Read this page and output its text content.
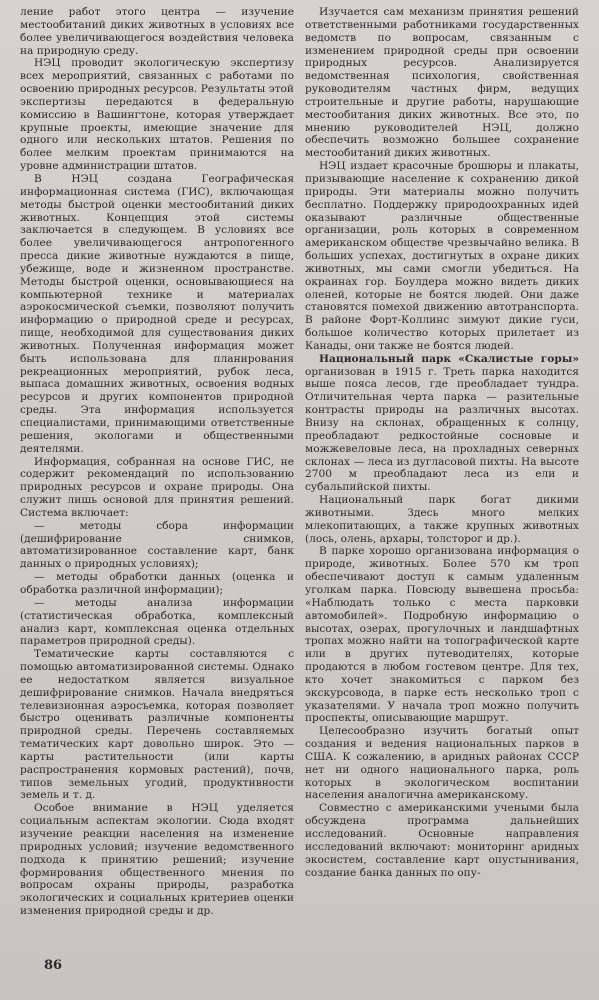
ление работ этого центра — изучение местообитаний диких животных в условиях все более увеличивающегося воздействия человека на природную среду.

НЭЦ проводит экологическую экспертизу всех мероприятий, связанных с работами по освоению природных ресурсов. Результаты этой экспертизы передаются в федеральную комиссию в Вашингтоне, которая утверждает крупные проекты, имеющие значение для одного или нескольких штатов. Решения по более мелким проектам принимаются на уровне администрации штатов.

В НЭЦ создана Географическая информационная система (ГИС), включающая методы быстрой оценки местообитаний диких животных. Концепция этой системы заключается в следующем. В условиях все более увеличивающегося антропогенного пресса дикие животные нуждаются в пище, убежище, воде и жизненном пространстве. Методы быстрой оценки, основывающиеся на компьютерной технике и материалах аэрокосмической съемки, позволяют получить информацию о природной среде и ресурсах, пище, необходимой для существования диких животных. Полученная информация может быть использована для планирования рекреационных мероприятий, рубок леса, выпаса домашних животных, освоения водных ресурсов и других компонентов природной среды. Эта информация используется специалистами, принимающими ответственные решения, экологами и общественными деятелями.

Информация, собранная на основе ГИС, не содержит рекомендаций по использованию природных ресурсов и охране природы. Она служит лишь основой для принятия решений. Система включает:

— методы сбора информации (дешифрирование снимков, автоматизированное составление карт, банк данных о природных условиях);

— методы обработки данных (оценка и обработка различной информации);

— методы анализа информации (статистическая обработка, комплексный анализ карт, комплексная оценка отдельных параметров природной среды).

Тематические карты составляются с помощью автоматизированной системы. Однако ее недостатком является визуальное дешифрирование снимков. Начала внедряться телевизионная аэросъемка, которая позволяет быстро оценивать различные компоненты природной среды. Перечень составляемых тематических карт довольно широк. Это — карты растительности (или карты распространения кормовых растений), почв, типов земельных угодий, продуктивности земель и т. д.

Особое внимание в НЭЦ уделяется социальным аспектам экологии. Сюда входят изучение реакции населения на изменение природных условий; изучение ведомственного подхода к принятию решений; изучение формирования общественного мнения по вопросам охраны природы, разработка экологических и социальных критериев оценки изменения природной среды и др.

Изучается сам механизм принятия решений ответственными работниками государственных ведомств по вопросам, связанным с изменением природной среды при освоении природных ресурсов. Анализируется ведомственная психология, свойственная руководителям частных фирм, ведущих строительные и другие работы, нарушающие местообитания диких животных. Все это, по мнению руководителей НЭЦ, должно обеспечить возможно большее сохранение местообитаний диких животных.

НЭЦ издает красочные брошюры и плакаты, призывающие население к сохранению дикой природы. Эти материалы можно получить бесплатно. Поддержку природоохранных идей оказывают различные общественные организации, роль которых в современном американском обществе чрезвычайно велика. В больших успехах, достигнутых в охране диких животных, мы сами смогли убедиться. На окраинах гор. Боулдера можно видеть диких оленей, которые не боятся людей. Они даже становятся помехой движению автотранспорта. В районе Форт-Коллинс зимуют дикие гуси, большое количество которых прилетает из Канады, они также не боятся людей.

Национальный парк «Скалистые горы» организован в 1915 г. Треть парка находится выше пояса лесов, где преобладает тундра. Отличительная черта парка — разительные контрасты природы на различных высотах. Внизу на склонах, обращенных к солнцу, преобладают редкостойные сосновые и можжевеловые леса, на прохладных северных склонах — леса из дугласовой пихты. На высоте 2700 м преобладают леса из ели и субальпийской пихты.

Национальный парк богат дикими животными. Здесь много мелких млекопитающих, а также крупных животных (лось, олень, архары, толсторог и др.).

В парке хорошо организована информация о природе, животных. Более 570 км троп обеспечивают доступ к самым удаленным уголкам парка. Повсюду вывешена просьба: «Наблюдать только с места парковки автомобилей». Подробную информацию о высотах, озерах, прогулочных и ландшафтных тропах можно найти на топографической карте или в других путеводителях, которые продаются в любом гостевом центре. Для тех, кто хочет знакомиться с парком без экскурсовода, в парке есть несколько троп с указателями. У начала троп можно получить проспекты, описывающие маршрут.

Целесообразно изучить богатый опыт создания и ведения национальных парков в США. К сожалению, в аридных районах СССР нет ни одного национального парка, роль которых в экологическом воспитании населения аналогична американскому.

Совместно с американскими учеными была обсуждена программа дальнейших исследований. Основные направления исследований включают: мониторинг аридных экосистем, составление карт опустынивания, создание банка данных по опу-

86
